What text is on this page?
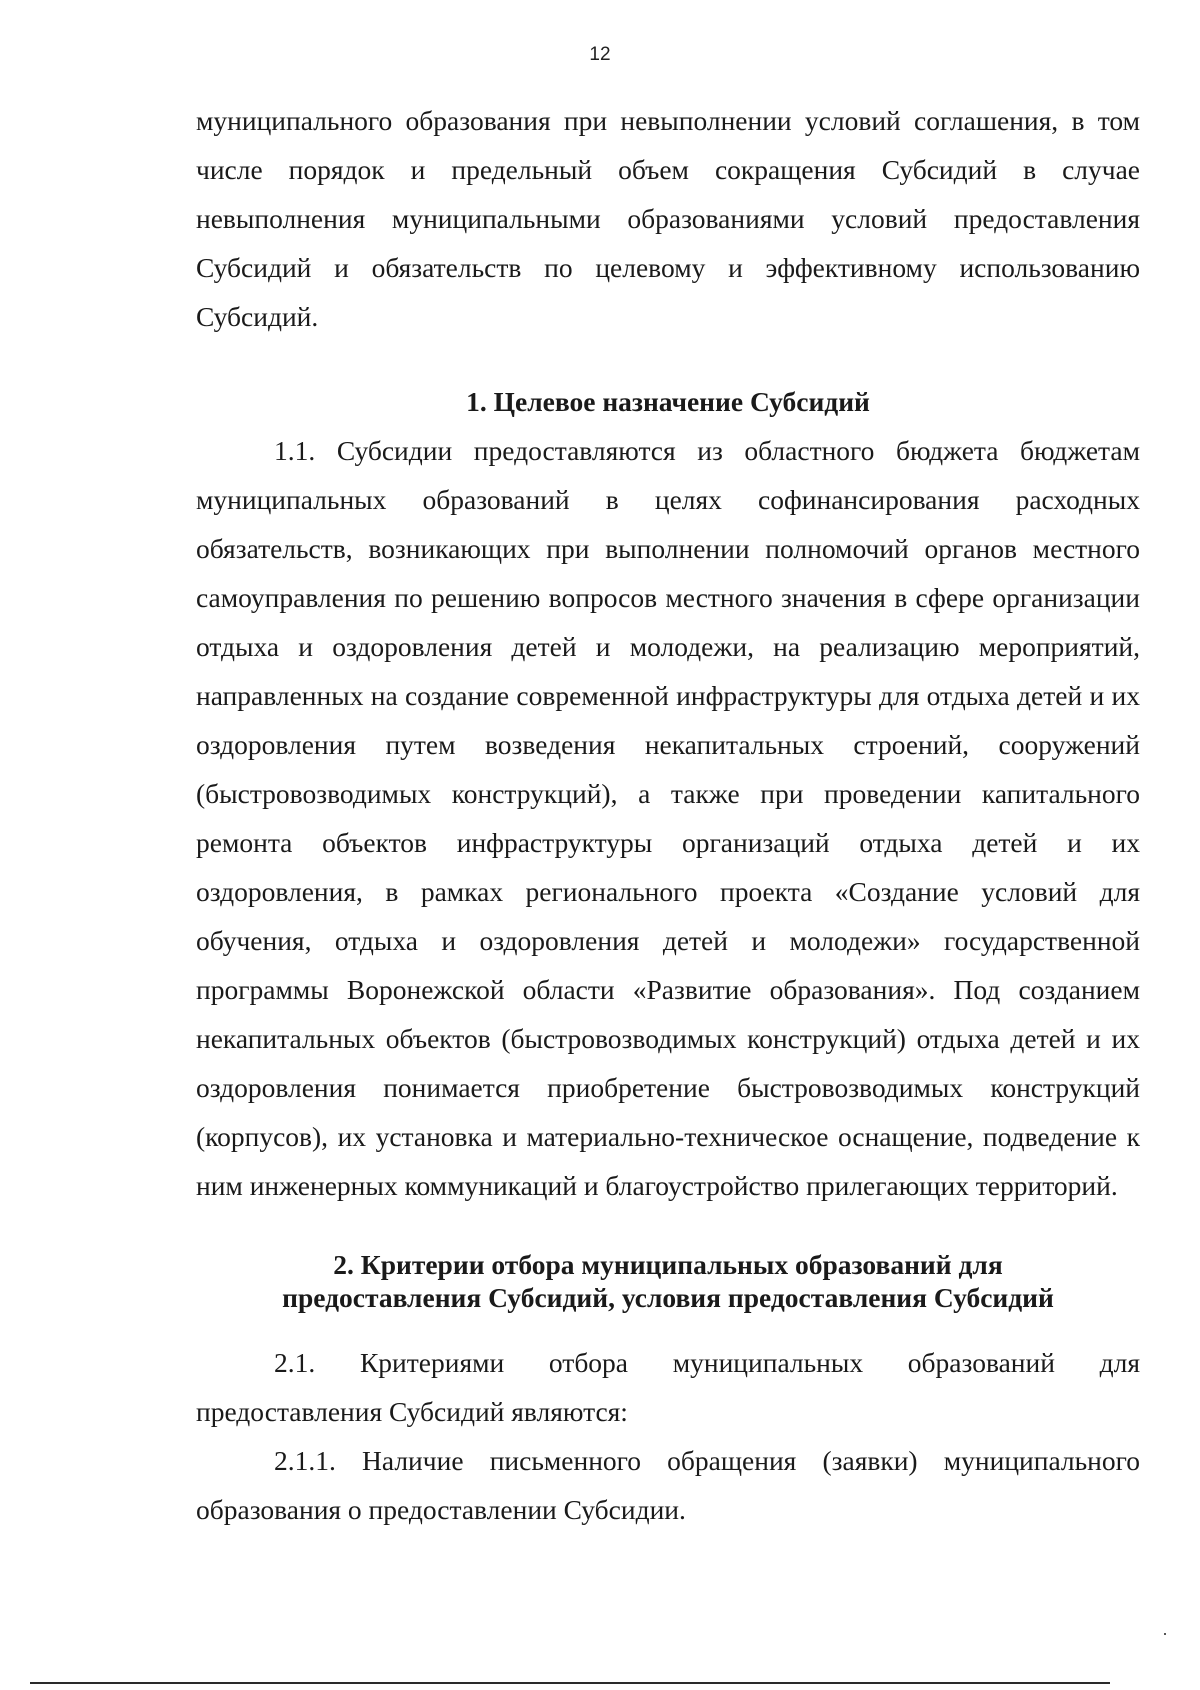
12

муниципального образования при невыполнении условий соглашения, в том числе порядок и предельный объем сокращения Субсидий в случае невыполнения муниципальными образованиями условий предоставления Субсидий и обязательств по целевому и эффективному использованию Субсидий.

1. Целевое назначение Субсидий

1.1. Субсидии предоставляются из областного бюджета бюджетам муниципальных образований в целях софинансирования расходных обязательств, возникающих при выполнении полномочий органов местного самоуправления по решению вопросов местного значения в сфере организации отдыха и оздоровления детей и молодежи, на реализацию мероприятий, направленных на создание современной инфраструктуры для отдыха детей и их оздоровления путем возведения некапитальных строений, сооружений (быстровозводимых конструкций), а также при проведении капитального ремонта объектов инфраструктуры организаций отдыха детей и их оздоровления, в рамках регионального проекта «Создание условий для обучения, отдыха и оздоровления детей и молодежи» государственной программы Воронежской области «Развитие образования». Под созданием некапитальных объектов (быстровозводимых конструкций) отдыха детей и их оздоровления понимается приобретение быстровозводимых конструкций (корпусов), их установка и материально-техническое оснащение, подведение к ним инженерных коммуникаций и благоустройство прилегающих территорий.

2. Критерии отбора муниципальных образований для
предоставления Субсидий, условия предоставления Субсидий

2.1. Критериями отбора муниципальных образований для предоставления Субсидий являются:

2.1.1. Наличие письменного обращения (заявки) муниципального образования о предоставлении Субсидии.
